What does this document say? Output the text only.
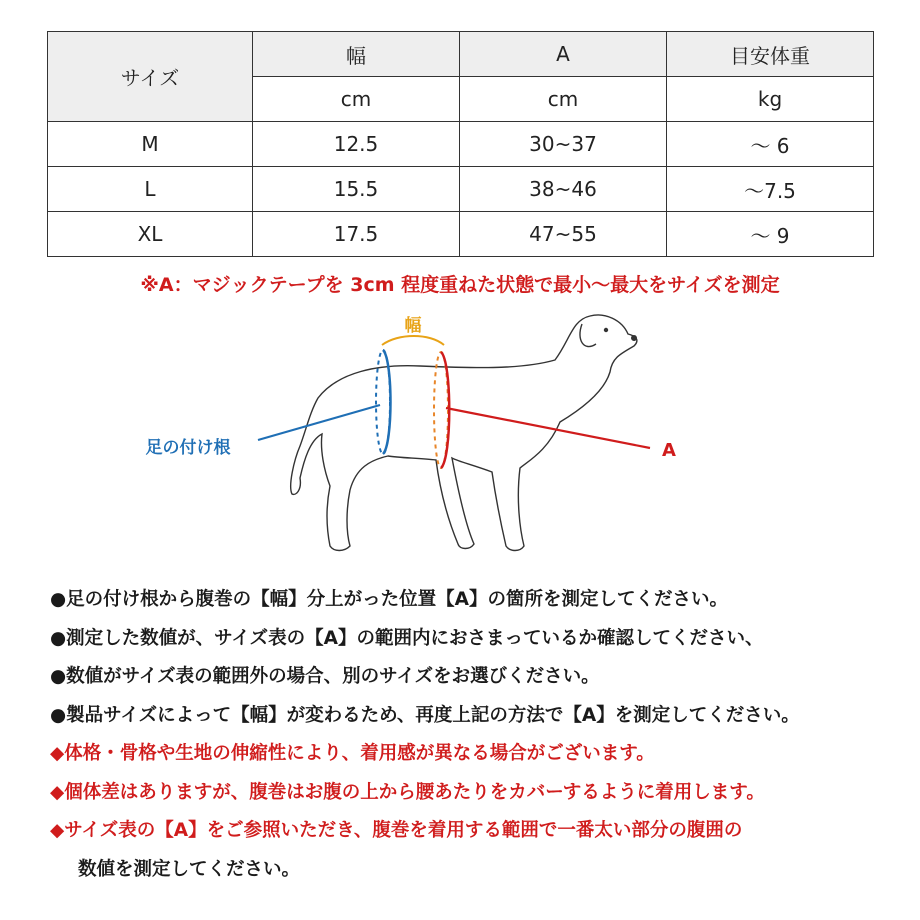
サイズ	幅	A	目安体重
	cm	cm	kg
M	12.5	30~37	～ 6
L	15.5	38~46	～7.5
XL	17.5	47~55	～ 9
※A：マジックテープを 3cm 程度重ねた状態で最小～最大をサイズを測定
幅
足の付け根	A
●足の付け根から腹巻の【幅】分上がった位置【A】の箇所を測定してください。
●測定した数値が、サイズ表の【A】の範囲内におさまっているか確認してください、
●数値がサイズ表の範囲外の場合、別のサイズをお選びください。
●製品サイズによって【幅】が変わるため、再度上記の方法で【A】を測定してください。
◆体格・骨格や生地の伸縮性により、着用感が異なる場合がございます。
◆個体差はありますが、腹巻はお腹の上から腰あたりをカバーするように着用します。
◆サイズ表の【A】をご参照いただき、腹巻を着用する範囲で一番太い部分の腹囲の
数値を測定してください。
